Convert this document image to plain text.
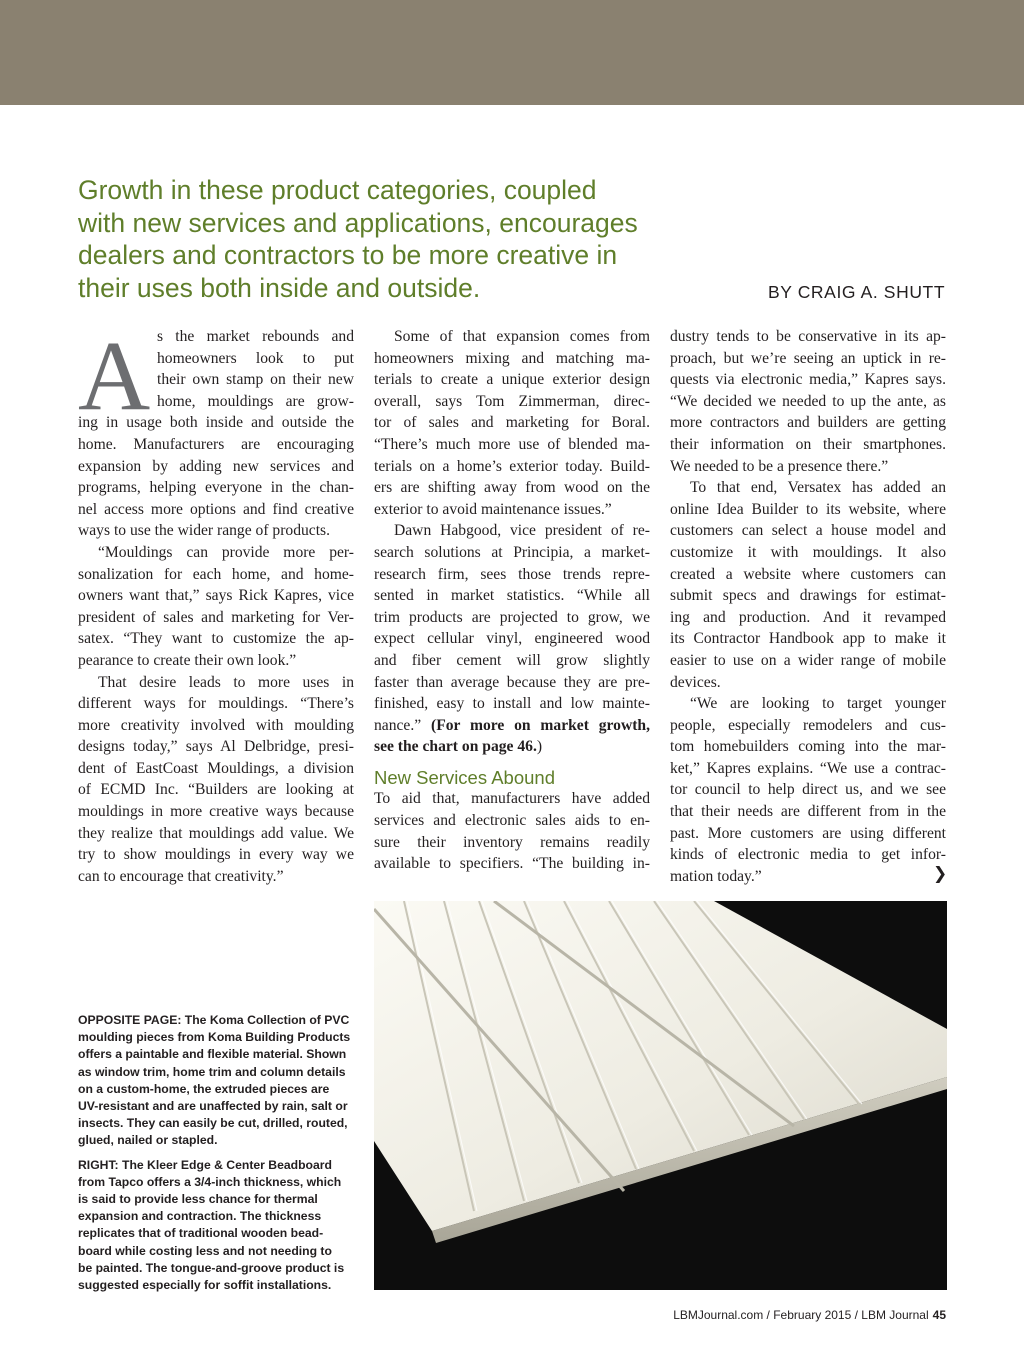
Growth in these product categories, coupled

with new services and applications, encourages

dealers and contractors to be more creative in

their uses both inside and outside.	BY CRAIG A. SHUTT
A s the market rebounds and
homeowners look to put
their own stamp on their new
home, mouldings are grow-
ing in usage both inside and outside the
home. Manufacturers are encouraging
expansion by adding new services and
programs, helping everyone in the chan-
nel access more options and find creative
ways to use the wider range of products.
“Mouldings can provide more per-
sonalization for each home, and home-
owners want that,” says Rick Kapres, vice
president of sales and marketing for Ver-
satex. “They want to customize the ap-
pearance to create their own look.”
That desire leads to more uses in
different ways for mouldings. “There’s
more creativity involved with moulding
designs today,” says Al Delbridge, presi-
dent of EastCoast Mouldings, a division
of ECMD Inc. “Builders are looking at
mouldings in more creative ways because
they realize that mouldings add value. We
try to show mouldings in every way we
can to encourage that creativity.”
Some of that expansion comes from
homeowners mixing and matching ma-
terials to create a unique exterior design
overall, says Tom Zimmerman, direc-
tor of sales and marketing for Boral.
“There’s much more use of blended ma-
terials on a home’s exterior today. Build-
ers are shifting away from wood on the
exterior to avoid maintenance issues.”
Dawn Habgood, vice president of re-
search solutions at Principia, a market-
research firm, sees those trends repre-
sented in market statistics. “While all
trim products are projected to grow, we
expect cellular vinyl, engineered wood
and fiber cement will grow slightly
faster than average because they are pre-
finished, easy to install and low mainte-
nance.” (For more on market growth,
see the chart on page 46.)
New Services Abound
To aid that, manufacturers have added
services and electronic sales aids to en-
sure their inventory remains readily
available to specifiers. “The building in-
dustry tends to be conservative in its ap-
proach, but we’re seeing an uptick in re-
quests via electronic media,” Kapres says.
“We decided we needed to up the ante, as
more contractors and builders are getting
their information on their smartphones.
We needed to be a presence there.”
To that end, Versatex has added an
online Idea Builder to its website, where
customers can select a house model and
customize it with mouldings. It also
created a website where customers can
submit specs and drawings for estimat-
ing and production. And it revamped
its Contractor Handbook app to make it
easier to use on a wider range of mobile
devices.
“We are looking to target younger
people, especially remodelers and cus-
tom homebuilders coming into the mar-
ket,” Kapres explains. “We use a contrac-
tor council to help direct us, and we see
that their needs are different from in the
past. More customers are using different
kinds of electronic media to get infor-
mation today.”	❯
OPPOSITE PAGE: The Koma Collection of PVC
moulding pieces from Koma Building Products
offers a paintable and flexible material. Shown
as window trim, home trim and column details
on a custom-home, the extruded pieces are
UV-resistant and are unaffected by rain, salt or
insects. They can easily be cut, drilled, routed,
glued, nailed or stapled.
RIGHT: The Kleer Edge & Center Beadboard
from Tapco offers a 3/4-inch thickness, which
is said to provide less chance for thermal
expansion and contraction. The thickness
replicates that of traditional wooden bead-
board while costing less and not needing to
be painted. The tongue-and-groove product is
suggested especially for soffit installations.
LBMJournal.com / February 2015 / LBM Journal 45
